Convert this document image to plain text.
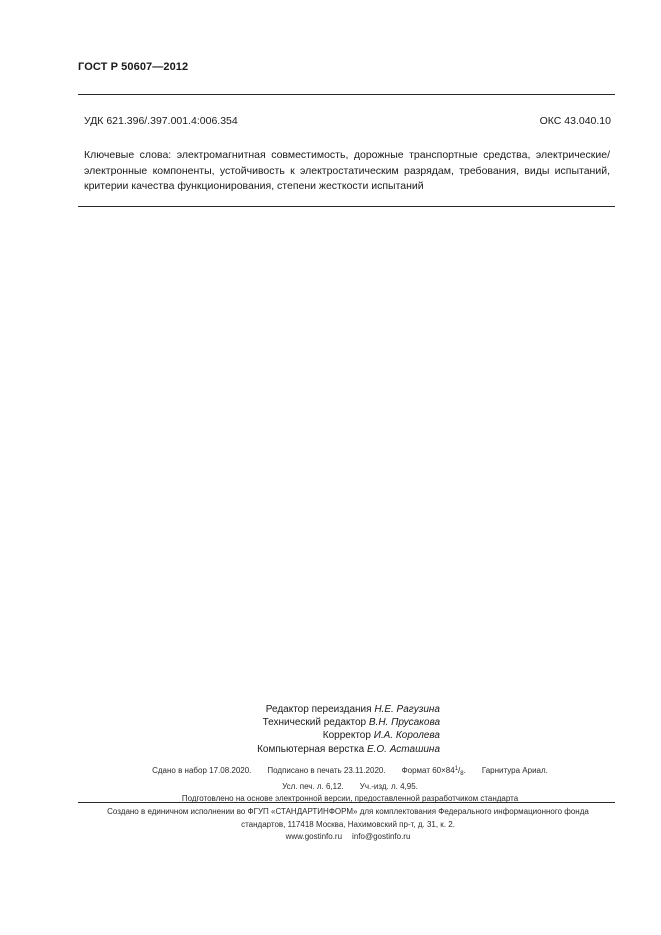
ГОСТ Р 50607—2012
УДК 621.396/.397.001.4:006.354	ОКС 43.040.10
Ключевые слова: электромагнитная совместимость, дорожные транспортные средства, электрические/электронные компоненты, устойчивость к электростатическим разрядам, требования, виды испытаний, критерии качества функционирования, степени жесткости испытаний
Редактор переиздания Н.Е. Рагузина
Технический редактор В.Н. Прусакова
Корректор И.А. Королева
Компьютерная верстка Е.О. Асташина
Сдано в набор 17.08.2020. Подписано в печать 23.11.2020. Формат $60\times 84^1/_8$. Гарнитура Ариал.
Усл. печ. л. 6,12. Уч.-изд. л. 4,95.
Подготовлено на основе электронной версии, предоставленной разработчиком стандарта
Создано в единичном исполнении во ФГУП «СТАНДАРТИНФОРМ» для комплектования Федерального информационного фонда
стандартов, 117418 Москва, Нахимовский пр-т, д. 31, к. 2.
www.gostinfo.ru info@gostinfo.ru
